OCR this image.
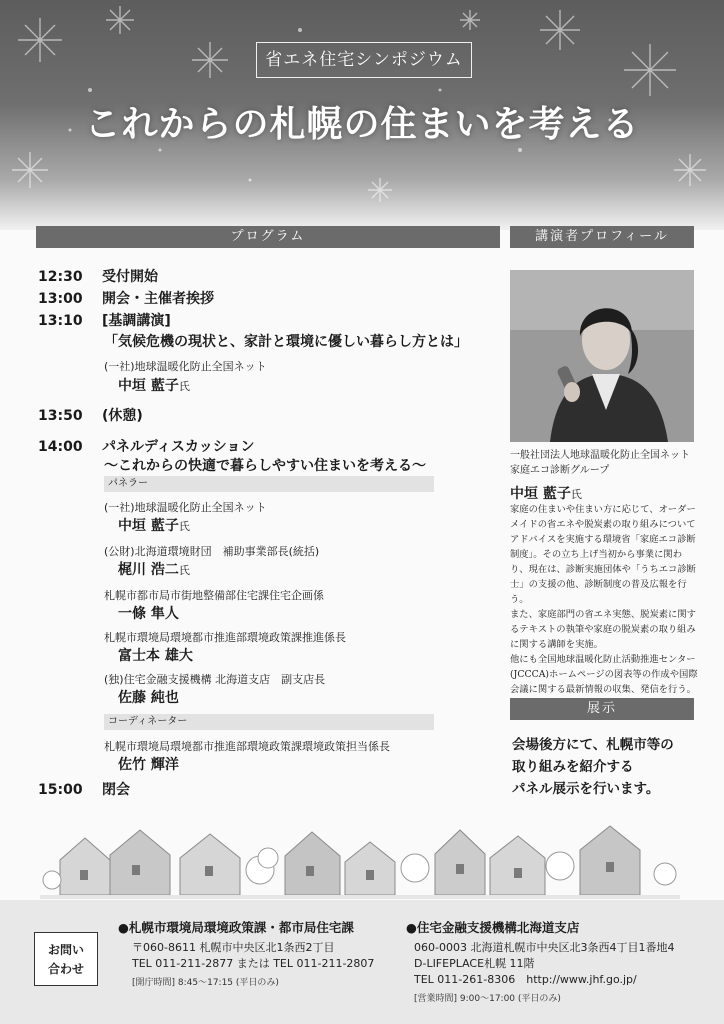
省エネ住宅シンポジウム
これからの札幌の住まいを考える
プログラム
12:30 受付開始
13:00 開会・主催者挨拶
13:10 [基調講演]
「気候危機の現状と、家計と環境に優しい暮らし方とは」
(一社)地球温暖化防止全国ネット
中垣 藍子氏
13:50 (休憩)
14:00 パネルディスカッション
〜これからの快適で暮らしやすい住まいを考える〜
パネラー
(一社)地球温暖化防止全国ネット
中垣 藍子氏
(公財)北海道環境財団　補助事業部長(統括)
梶川 浩二氏
札幌市都市局市街地整備部住宅課住宅企画係
一條 隼人
札幌市環境局環境都市推進部環境政策課推進係長
富士本 雄大
(独)住宅金融支援機構 北海道支店　副支店長
佐藤 純也
コーディネーター
札幌市環境局環境都市推進部環境政策課環境政策担当係長
佐竹 輝洋
15:00 閉会
講演者プロフィール
一般社団法人地球温暖化防止全国ネット
家庭エコ診断グループ
中垣 藍子氏

家庭の住まいや住まい方に応じて、オーダーメイドの省エネや脱炭素の取り組みについてアドバイスを実施する環境省「家庭エコ診断制度」。その立ち上げ当初から事業に関わり、現在は、診断実施団体や「うちエコ診断士」の支援の他、診断制度の普及広報を行う。

また、家庭部門の省エネ実態、脱炭素に関するテキストの執筆や家庭の脱炭素の取り組みに関する講師を実施。

他にも全国地球温暖化防止活動推進センター(JCCCA)ホームページの図表等の作成や国際会議に関する最新情報の収集、発信を行う。

展示
会場後方にて、札幌市等の
取り組みを紹介する
パネル展示を行います。
お問い
合わせ
●札幌市環境局環境政策課・都市局住宅課
〒060-8611 札幌市中央区北1条西2丁目
TEL 011-211-2877 または TEL 011-211-2807
[開庁時間] 8:45〜17:15 (平日のみ)
●住宅金融支援機構北海道支店
060-0003 北海道札幌市中央区北3条西4丁目1番地4
D-LIFEPLACE札幌 11階
TEL 011-261-8306　http://www.jhf.go.jp/
[営業時間] 9:00〜17:00 (平日のみ)
